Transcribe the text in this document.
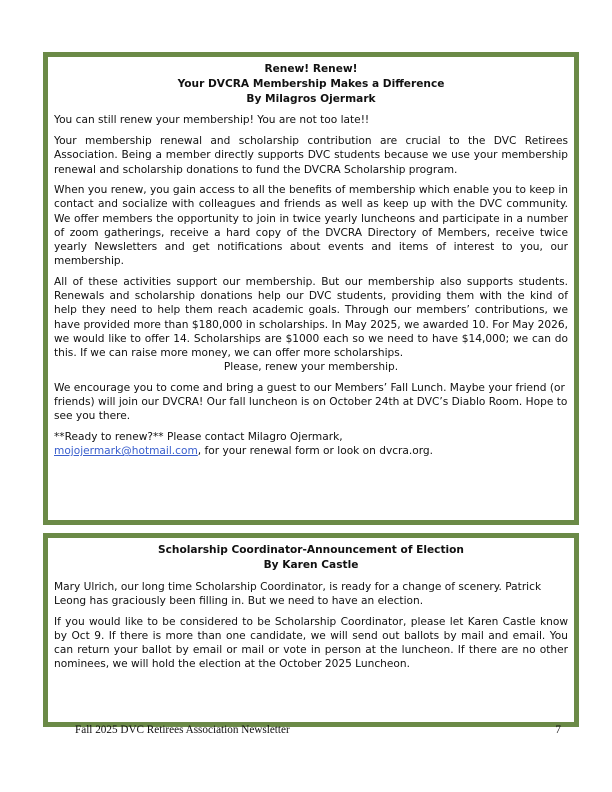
Renew! Renew!
Your DVCRA Membership Makes a Difference
By Milagros Ojermark

You can still renew your membership! You are not too late!!

Your membership renewal and scholarship contribution are crucial to the DVC Retirees Association. Being a member directly supports DVC students because we use your membership renewal and scholarship donations to fund the DVCRA Scholarship program.

When you renew, you gain access to all the benefits of membership which enable you to keep in contact and socialize with colleagues and friends as well as keep up with the DVC community. We offer members the opportunity to join in twice yearly luncheons and participate in a number of zoom gatherings, receive a hard copy of the DVCRA Directory of Members, receive twice yearly Newsletters and get notifications about events and items of interest to you, our membership.

All of these activities support our membership. But our membership also supports students. Renewals and scholarship donations help our DVC students, providing them with the kind of help they need to help them reach academic goals. Through our members’ contributions, we have provided more than $180,000 in scholarships. In May 2025, we awarded 10. For May 2026, we would like to offer 14. Scholarships are $1000 each so we need to have $14,000; we can do this. If we can raise more money, we can offer more scholarships.

Please, renew your membership.

We encourage you to come and bring a guest to our Members’ Fall Lunch. Maybe your friend (or friends) will join our DVCRA! Our fall luncheon is on October 24th at DVC’s Diablo Room. Hope to see you there.

**Ready to renew?** Please contact Milagro Ojermark,
mojojermark@hotmail.com, for your renewal form or look on dvcra.org.

Scholarship Coordinator-Announcement of Election
By Karen Castle

Mary Ulrich, our long time Scholarship Coordinator, is ready for a change of scenery. Patrick Leong has graciously been filling in. But we need to have an election.

If you would like to be considered to be Scholarship Coordinator, please let Karen Castle know by Oct 9. If there is more than one candidate, we will send out ballots by mail and email. You can return your ballot by email or mail or vote in person at the luncheon. If there are no other nominees, we will hold the election at the October 2025 Luncheon.

Fall 2025 DVC Retirees Association Newsletter	7
